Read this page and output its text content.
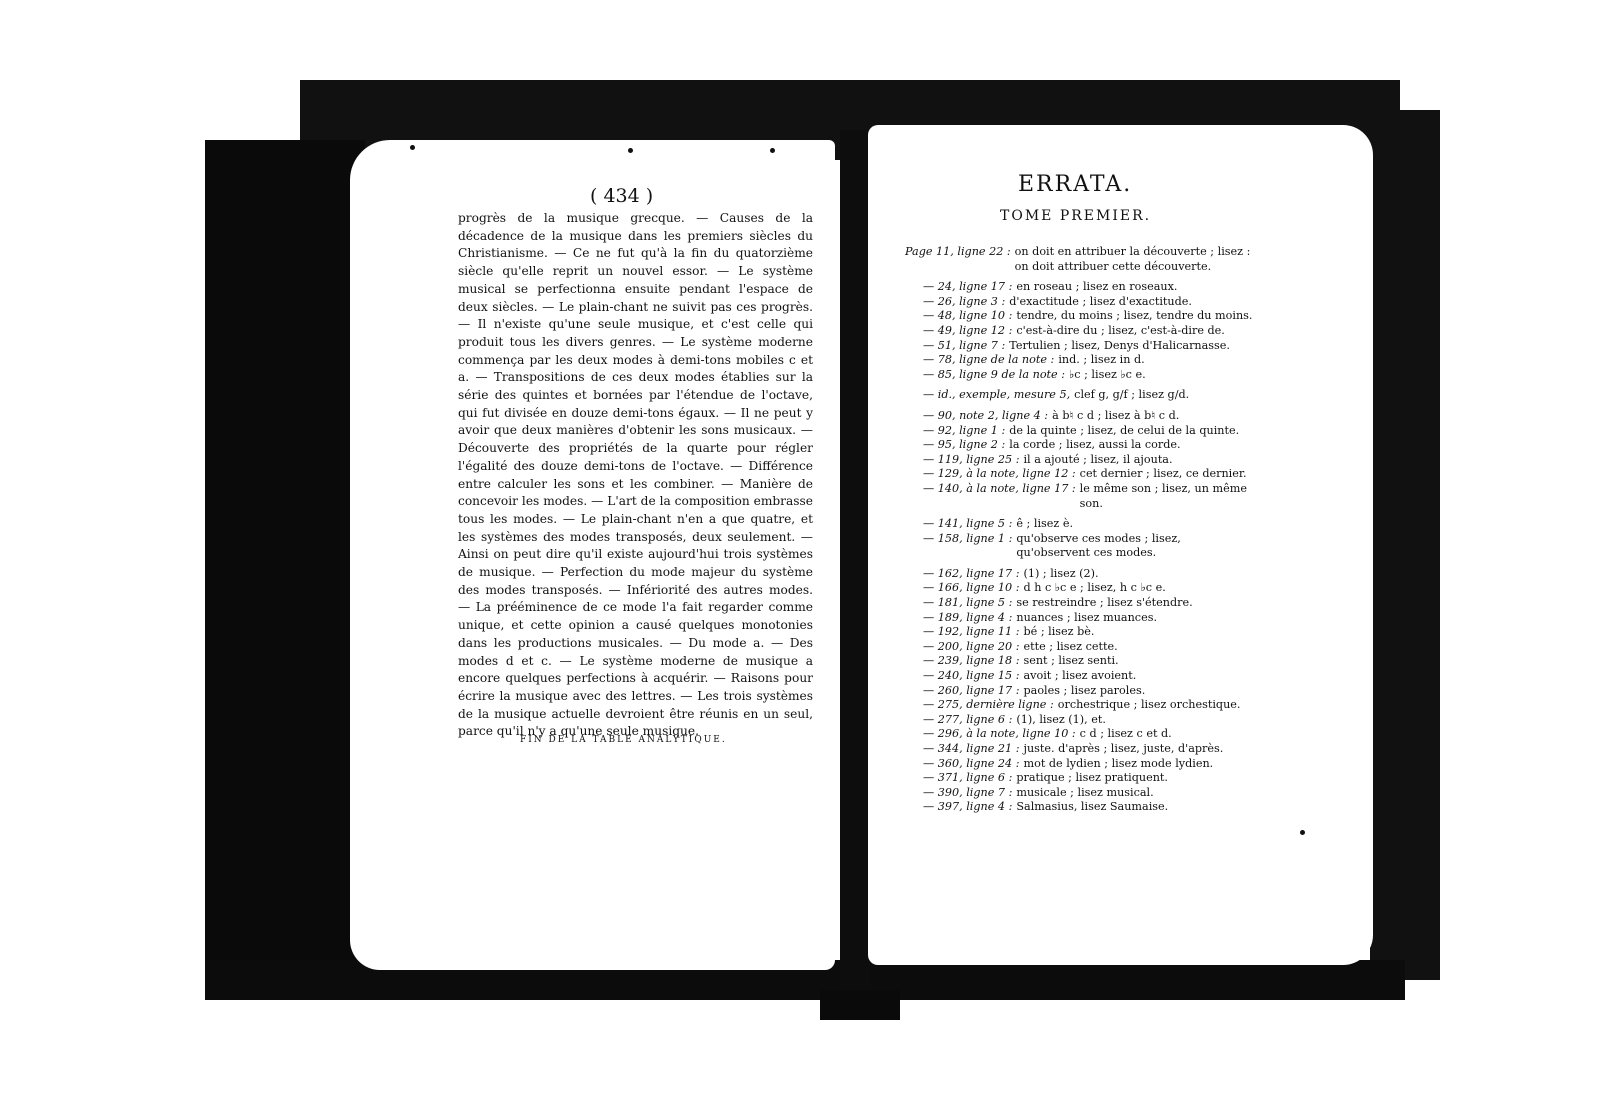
( 434 )

progrès de la musique grecque. — Causes de la décadence de la musique dans les premiers siècles du Christianisme. — Ce ne fut qu'à la fin du quatorzième siècle qu'elle reprit un nouvel essor. — Le système musical se perfectionna ensuite pendant l'espace de deux siècles. — Le plain-chant ne suivit pas ces progrès. — Il n'existe qu'une seule musique, et c'est celle qui produit tous les divers genres. — Le système moderne commença par les deux modes à demi-tons mobiles c et a. — Transpositions de ces deux modes établies sur la série des quintes et bornées par l'étendue de l'octave, qui fut divisée en douze demi-tons égaux. — Il ne peut y avoir que deux manières d'obtenir les sons musicaux. — Découverte des propriétés de la quarte pour régler l'égalité des douze demi-tons de l'octave. — Différence entre calculer les sons et les combiner. — Manière de concevoir les modes. — L'art de la composition embrasse tous les modes. — Le plain-chant n'en a que quatre, et les systèmes des modes transposés, deux seulement. — Ainsi on peut dire qu'il existe aujourd'hui trois systèmes de musique. — Perfection du mode majeur du système des modes transposés. — Infériorité des autres modes. — La prééminence de ce mode l'a fait regarder comme unique, et cette opinion a causé quelques monotonies dans les productions musicales. — Du mode a. — Des modes d et c. — Le système moderne de musique a encore quelques perfections à acquérir. — Raisons pour écrire la musique avec des lettres. — Les trois systèmes de la musique actuelle devroient être réunis en un seul, parce qu'il n'y a qu'une seule musique.

FIN DE LA TABLE ANALYTIQUE.
ERRATA.
TOME PREMIER.
Page 11, ligne 22 : on doit en attribuer la découverte ; lisez : on doit attribuer cette découverte.
— 24, ligne 17 : en roseau ; lisez en roseaux.
— 26, ligne 3 : d'exactitude ; lisez d'exactitude.
— 48, ligne 10 : tendre, du moins ; lisez, tendre du moins.
— 49, ligne 12 : c'est-à-dire du ; lisez, c'est-à-dire de.
— 51, ligne 7 : Tertulien ; lisez, Denys d'Halicarnasse.
— 78, ligne de la note : ind. ; lisez in d.
— 85, ligne 9 de la note : ♭c ; lisez ♭c e.
— id., exemple, mesure 5, clef g, g/f ; lisez g/d.
— 90, note 2, ligne 4 : à b♮ c d ; lisez à b♮ c d.
— 92, ligne 1 : de la quinte ; lisez, de celui de la quinte.
— 95, ligne 2 : la corde ; lisez, aussi la corde.
— 119, ligne 25 : il a ajouté ; lisez, il ajouta.
— 129, à la note, ligne 12 : cet dernier ; lisez, ce dernier.
— 140, à la note, ligne 17 : le même son ; lisez, un même son.
— 141, ligne 5 : ê ; lisez è.
— 158, ligne 1 : qu'observe ces modes ; lisez, qu'observent ces modes.
— 162, ligne 17 : (1) ; lisez (2).
— 166, ligne 10 : d h c ♭c e ; lisez, h c ♭c e.
— 181, ligne 5 : se restreindre ; lisez s'étendre.
— 189, ligne 4 : nuances ; lisez muances.
— 192, ligne 11 : bé ; lisez bè.
— 200, ligne 20 : ette ; lisez cette.
— 239, ligne 18 : sent ; lisez senti.
— 240, ligne 15 : avoit ; lisez avoient.
— 260, ligne 17 : paoles ; lisez paroles.
— 275, dernière ligne : orchestrique ; lisez orchestique.
— 277, ligne 6 : (1), lisez (1), et.
— 296, à la note, ligne 10 : c d ; lisez c et d.
— 344, ligne 21 : juste. d'après ; lisez, juste, d'après.
— 360, ligne 24 : mot de lydien ; lisez mode lydien.
— 371, ligne 6 : pratique ; lisez pratiquent.
— 390, ligne 7 : musicale ; lisez musical.
— 397, ligne 4 : Salmasius, lisez Saumaise.
